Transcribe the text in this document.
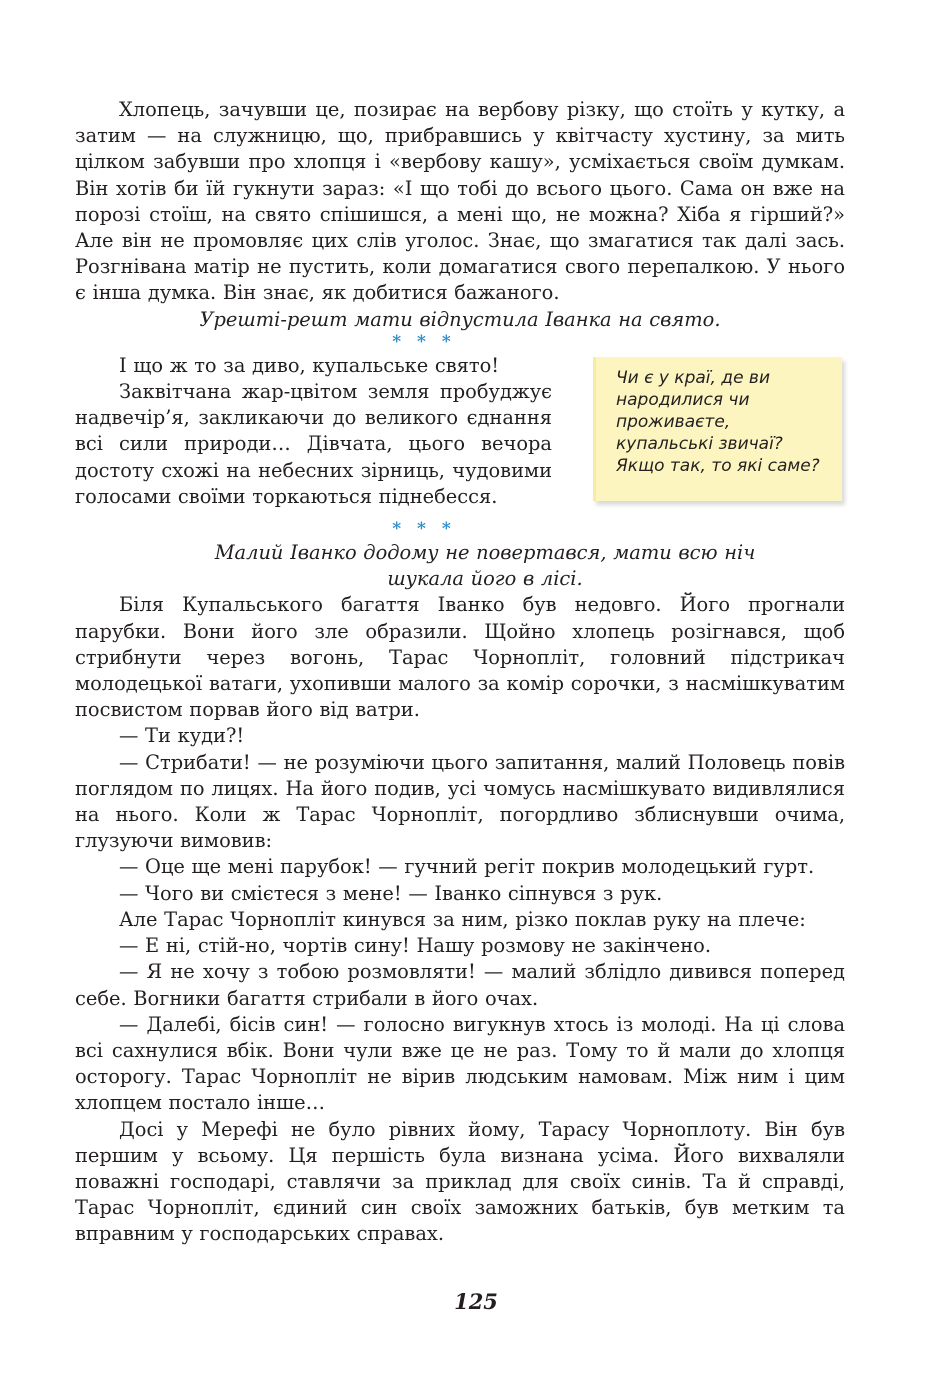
Хлопець, зачувши це, позирає на вербову різку, що стоїть у кутку, а затим — на служницю, що, прибравшись у квітчасту хустину, за мить цілком забувши про хлопця і «вербову кашу», усміхається своїм думкам. Він хотів би їй гукнути зараз: «І що тобі до всього цього. Сама он вже на порозі стоїш, на свято спішишся, а мені що, не можна? Хіба я гірший?» Але він не промовляє цих слів уголос. Знає, що змагатися так далі зась. Розгнівана матір не пустить, коли домагатися свого перепалкою. У нього є інша думка. Він знає, як добитися бажаного.

Урешті-решт мати відпустила Іванка на свято.

* * *

І що ж то за диво, купальське свято!

Заквітчана жар-цвітом земля пробуджує надвечір’я, закликаючи до великого єднання всі сили природи… Дівчата, цього вечора достоту схожі на небесних зірниць, чудовими голосами своїми торкаються піднебесся.

Чи є у краї, де ви
народилися чи
проживаєте,
купальські звичаї?
Якщо так, то які саме?
* * *

Малий Іванко додому не повертався, мати всю ніч шукала його в лісі.

Біля Купальського багаття Іванко був недовго. Його прогнали парубки. Вони його зле образили. Щойно хлопець розігнався, щоб стрибнути через вогонь, Тарас Чорнопліт, головний підстрикач молодецької ватаги, ухопивши малого за комір сорочки, з насмішкуватим посвистом порвав його від ватри.

— Ти куди?!

— Стрибати! — не розуміючи цього запитання, малий Половець повів поглядом по лицях. На його подив, усі чомусь насмішкувато видивлялися на нього. Коли ж Тарас Чорнопліт, погордливо зблиснувши очима, глузуючи вимовив:

— Оце ще мені парубок! — гучний регіт покрив молодецький гурт.

— Чого ви смієтеся з мене! — Іванко сіпнувся з рук.

Але Тарас Чорнопліт кинувся за ним, різко поклав руку на плече:

— Е ні, стій-но, чортів сину! Нашу розмову не закінчено.

— Я не хочу з тобою розмовляти! — малий зблідло дивився поперед себе. Вогники багаття стрибали в його очах.

— Далебі, бісів син! — голосно вигукнув хтось із молоді. На ці слова всі сахнулися вбік. Вони чули вже це не раз. Тому то й мали до хлопця осторогу. Тарас Чорнопліт не вірив людським намовам. Між ним і цим хлопцем постало інше…

Досі у Мерефі не було рівних йому, Тарасу Чорноплоту. Він був першим у всьому. Ця першість була визнана усіма. Його вихваляли поважні господарі, ставлячи за приклад для своїх синів. Та й справді, Тарас Чорнопліт, єдиний син своїх заможних батьків, був метким та вправним у господарських справах.

125
